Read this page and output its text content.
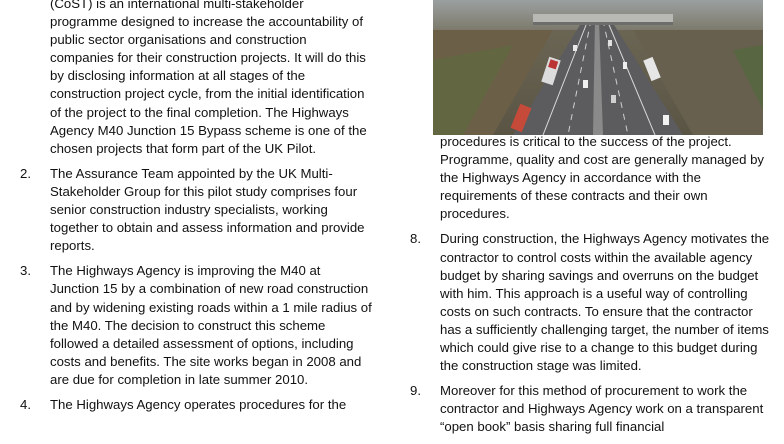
(CoST) is an international multi-stakeholder programme designed to increase the accountability of public sector organisations and construction companies for their construction projects. It will do this by disclosing information at all stages of the construction project cycle, from the initial identification of the project to the final completion. The Highways Agency M40 Junction 15 Bypass scheme is one of the chosen projects that form part of the UK Pilot.
2.	The Assurance Team appointed by the UK Multi-Stakeholder Group for this pilot study comprises four senior construction industry specialists, working together to obtain and assess information and provide reports.
3.	The Highways Agency is improving the M40 at Junction 15 by a combination of new road construction and by widening existing roads within a 1 mile radius of the M40. The decision to construct this scheme followed a detailed assessment of options, including costs and benefits. The site works began in 2008 and are due for completion in late summer 2010.
4.	The Highways Agency operates procedures for the
procedures is critical to the success of the project. Programme, quality and cost are generally managed by the Highways Agency in accordance with the requirements of these contracts and their own procedures.
8.	During construction, the Highways Agency motivates the contractor to control costs within the available agency budget by sharing savings and overruns on the budget with him. This approach is a useful way of controlling costs on such contracts. To ensure that the contractor has a sufficiently challenging target, the number of items which could give rise to a change to this budget during the construction stage was limited.
9.	Moreover for this method of procurement to work the contractor and Highways Agency work on a transparent “open book” basis sharing full financial
